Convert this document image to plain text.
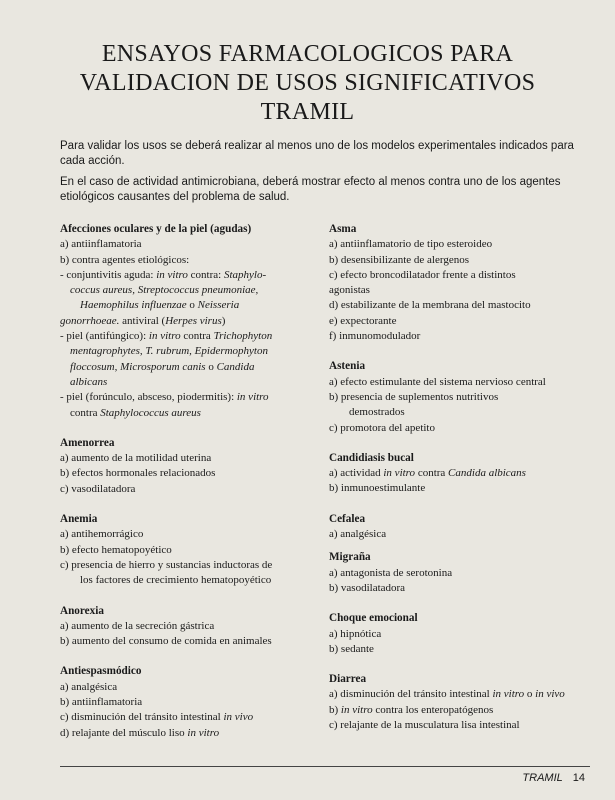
ENSAYOS FARMACOLOGICOS PARA
VALIDACION DE USOS SIGNIFICATIVOS
TRAMIL
Para validar los usos se deberá realizar al menos uno de los modelos experimentales indicados para cada acción.
En el caso de actividad antimicrobiana, deberá mostrar efecto al menos contra uno de los agentes etiológicos causantes del problema de salud.
Afecciones oculares y de la piel (agudas)
a) antiinflamatoria
b) contra agentes etiológicos:
- conjuntivitis aguda: in vitro contra: Staphylo-
coccus aureus, Streptococcus pneumoniae,
Haemophilus influenzae o Neisseria
gonorrhoeae. antiviral (Herpes virus)
- piel (antifúngico): in vitro contra Trichophyton
mentagrophytes, T. rubrum, Epidermophyton
floccosum, Microsporum canis o Candida
albicans
- piel (forúnculo, absceso, piodermitis): in vitro
contra Staphylococcus aureus
Amenorrea
a) aumento de la motilidad uterina
b) efectos hormonales relacionados
c) vasodilatadora
Anemia
a) antihemorrágico
b) efecto hematopoyético
c) presencia de hierro y sustancias inductoras de
los factores de crecimiento hematopoyético
Anorexia
a) aumento de la secreción gástrica
b) aumento del consumo de comida en animales
Antiespasmódico
a) analgésica
b) antiinflamatoria
c) disminución del tránsito intestinal in vivo
d) relajante del músculo liso in vitro
Asma
a) antiinflamatorio de tipo esteroideo
b) desensibilizante de alergenos
c) efecto broncodilatador frente a distintos
agonistas
d) estabilizante de la membrana del mastocito
e) expectorante
f) inmunomodulador
Astenia
a) efecto estimulante del sistema nervioso central
b) presencia de suplementos nutritivos
demostrados
c) promotora del apetito
Candidiasis bucal
a) actividad in vitro contra Candida albicans
b) inmunoestimulante
Cefalea
a) analgésica
Migraña
a) antagonista de serotonina
b) vasodilatadora
Choque emocional
a) hipnótica
b) sedante
Diarrea
a) disminución del tránsito intestinal in vitro o in vivo
b) in vitro contra los enteropatógenos
c) relajante de la musculatura lisa intestinal
TRAMIL 14
